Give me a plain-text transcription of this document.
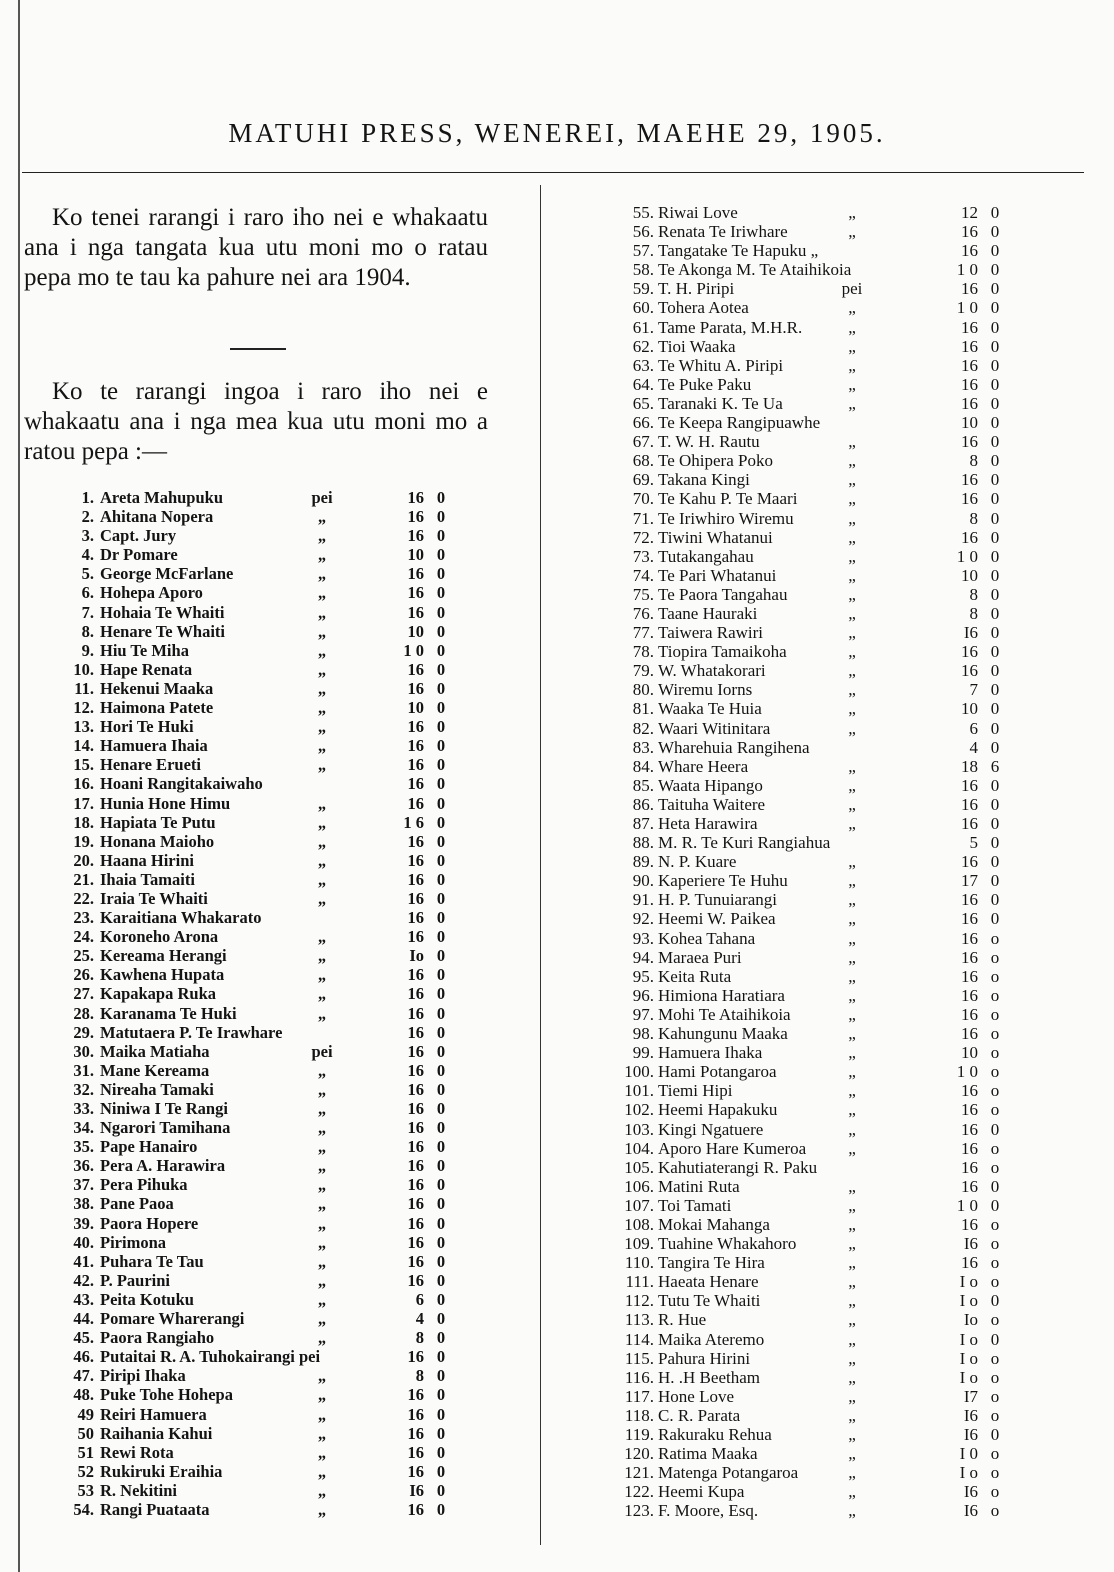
MATUHI PRESS, WENEREI, MAEHE 29, 1905.

Ko tenei rarangi i raro iho nei e whakaatu ana i nga tangata kua utu moni mo o ratau pepa mo te tau ka pahure nei ara 1904.

Ko te rarangi ingoa i raro iho nei e whakaatu ana i nga mea kua utu moni mo a ratou pepa :—

1. Areta Mahupuku	pei	16 0
2. Ahitana Nopera	„	16 0
3. Capt. Jury	„	16 0
4. Dr Pomare	„	10 0
5. George McFarlane	„	16 0
6. Hohepa Aporo	„	16 0
7. Hohaia Te Whaiti	„	16 0
8. Henare Te Whaiti	„	10 0
9. Hiu Te Miha	„	1 0 0
10. Hape Renata	„	16 0
11. Hekenui Maaka	„	16 0
12. Haimona Patete	„	10 0
13. Hori Te Huki	„	16 0
14. Hamuera Ihaia	„	16 0
15. Henare Erueti	„	16 0
16. Hoani Rangitakaiwaho	16 0
17. Hunia Hone Himu	„	16 0
18. Hapiata Te Putu	„	1 6 0
19. Honana Maioho	„	16 0
20. Haana Hirini	„	16 0
21. Ihaia Tamaiti	„	16 0
22. Iraia Te Whaiti	„	16 0
23. Karaitiana Whakarato	16 0
24. Koroneho Arona	„	16 0
25. Kereama Herangi	„	Io 0
26. Kawhena Hupata	„	16 0
27. Kapakapa Ruka	„	16 0
28. Karanama Te Huki	„	16 0
29. Matutaera P. Te Irawhare	16 0
30. Maika Matiaha	pei	16 0
31. Mane Kereama	„	16 0
32. Nireaha Tamaki	„	16 0
33. Niniwa I Te Rangi	„	16 0
34. Ngarori Tamihana	„	16 0
35. Pape Hanairo	„	16 0
36. Pera A. Harawira	„	16 0
37. Pera Pihuka	„	16 0
38. Pane Paoa	„	16 0
39. Paora Hopere	„	16 0
40. Pirimona	„	16 0
41. Puhara Te Tau	„	16 0
42. P. Paurini	„	16 0
43. Peita Kotuku	„	6 0
44. Pomare Wharerangi	„	4 0
45. Paora Rangiaho	„	8 0
46. Putaitai R. A. Tuhokairangi pei	16 0
47. Piripi Ihaka	„	8 0
48. Puke Tohe Hohepa	„	16 0
49 Reiri Hamuera	„	16 0
50 Raihania Kahui	„	16 0
51 Rewi Rota	„	16 0
52 Rukiruki Eraihia	„	16 0
53 R. Nekitini	„	I6 0
54. Rangi Puataata	„	16 0
55. Riwai Love	„	12 0
56. Renata Te Iriwhare	„	16 0
57. Tangatake Te Hapuku „	16 0
58. Te Akonga M. Te Ataihikoia	1 0 0
59. T. H. Piripi	pei	16 0
60. Tohera Aotea	„	1 0 0
61. Tame Parata, M.H.R.	„	16 0
62. Tioi Waaka	„	16 0
63. Te Whitu A. Piripi	„	16 0
64. Te Puke Paku	„	16 0
65. Taranaki K. Te Ua	„	16 0
66. Te Keepa Rangipuawhe	10 0
67. T. W. H. Rautu	„	16 0
68. Te Ohipera Poko	„	8 0
69. Takana Kingi	„	16 0
70. Te Kahu P. Te Maari	„	16 0
71. Te Iriwhiro Wiremu	„	8 0
72. Tiwini Whatanui	„	16 0
73. Tutakangahau	„	1 0 0
74. Te Pari Whatanui	„	10 0
75. Te Paora Tangahau	„	8 0
76. Taane Hauraki	„	8 0
77. Taiwera Rawiri	„	I6 0
78. Tiopira Tamaikoha	„	16 0
79. W. Whatakorari	„	16 0
80. Wiremu Iorns	„	7 0
81. Waaka Te Huia	„	10 0
82. Waari Witinitara	„	6 0
83. Wharehuia Rangihena	4 0
84. Whare Heera	„	18 6
85. Waata Hipango	„	16 0
86. Taituha Waitere	„	16 0
87. Heta Harawira	„	16 0
88. M. R. Te Kuri Rangiahua	5 0
89. N. P. Kuare	„	16 0
90. Kaperiere Te Huhu	„	17 0
91. H. P. Tunuiarangi	„	16 0
92. Heemi W. Paikea	„	16 0
93. Kohea Tahana	„	16 o
94. Maraea Puri	„	16 o
95. Keita Ruta	„	16 o
96. Himiona Haratiara	„	16 o
97. Mohi Te Ataihikoia	„	16 o
98. Kahungunu Maaka	„	16 o
99. Hamuera Ihaka	„	10 o
100. Hami Potangaroa	„	1 0 o
101. Tiemi Hipi	„	16 o
102. Heemi Hapakuku	„	16 o
103. Kingi Ngatuere	„	16 0
104. Aporo Hare Kumeroa	„	16 o
105. Kahutiaterangi R. Paku	16 o
106. Matini Ruta	„	16 0
107. Toi Tamati	„	1 0 0
108. Mokai Mahanga	„	16 o
109. Tuahine Whakahoro	„	I6 o
110. Tangira Te Hira	„	16 o
111. Haeata Henare	„	I o o
112. Tutu Te Whaiti	„	I o 0
113. R. Hue	„	Io o
114. Maika Ateremo	„	I o 0
115. Pahura Hirini	„	I o o
116. H. .H Beetham	„	I o o
117. Hone Love	„	I7 o
118. C. R. Parata	„	I6 o
119. Rakuraku Rehua	„	I6 0
120. Ratima Maaka	„	I 0 o
121. Matenga Potangaroa	„	I o o
122. Heemi Kupa	„	I6 o
123. F. Moore, Esq.	„	I6 o
